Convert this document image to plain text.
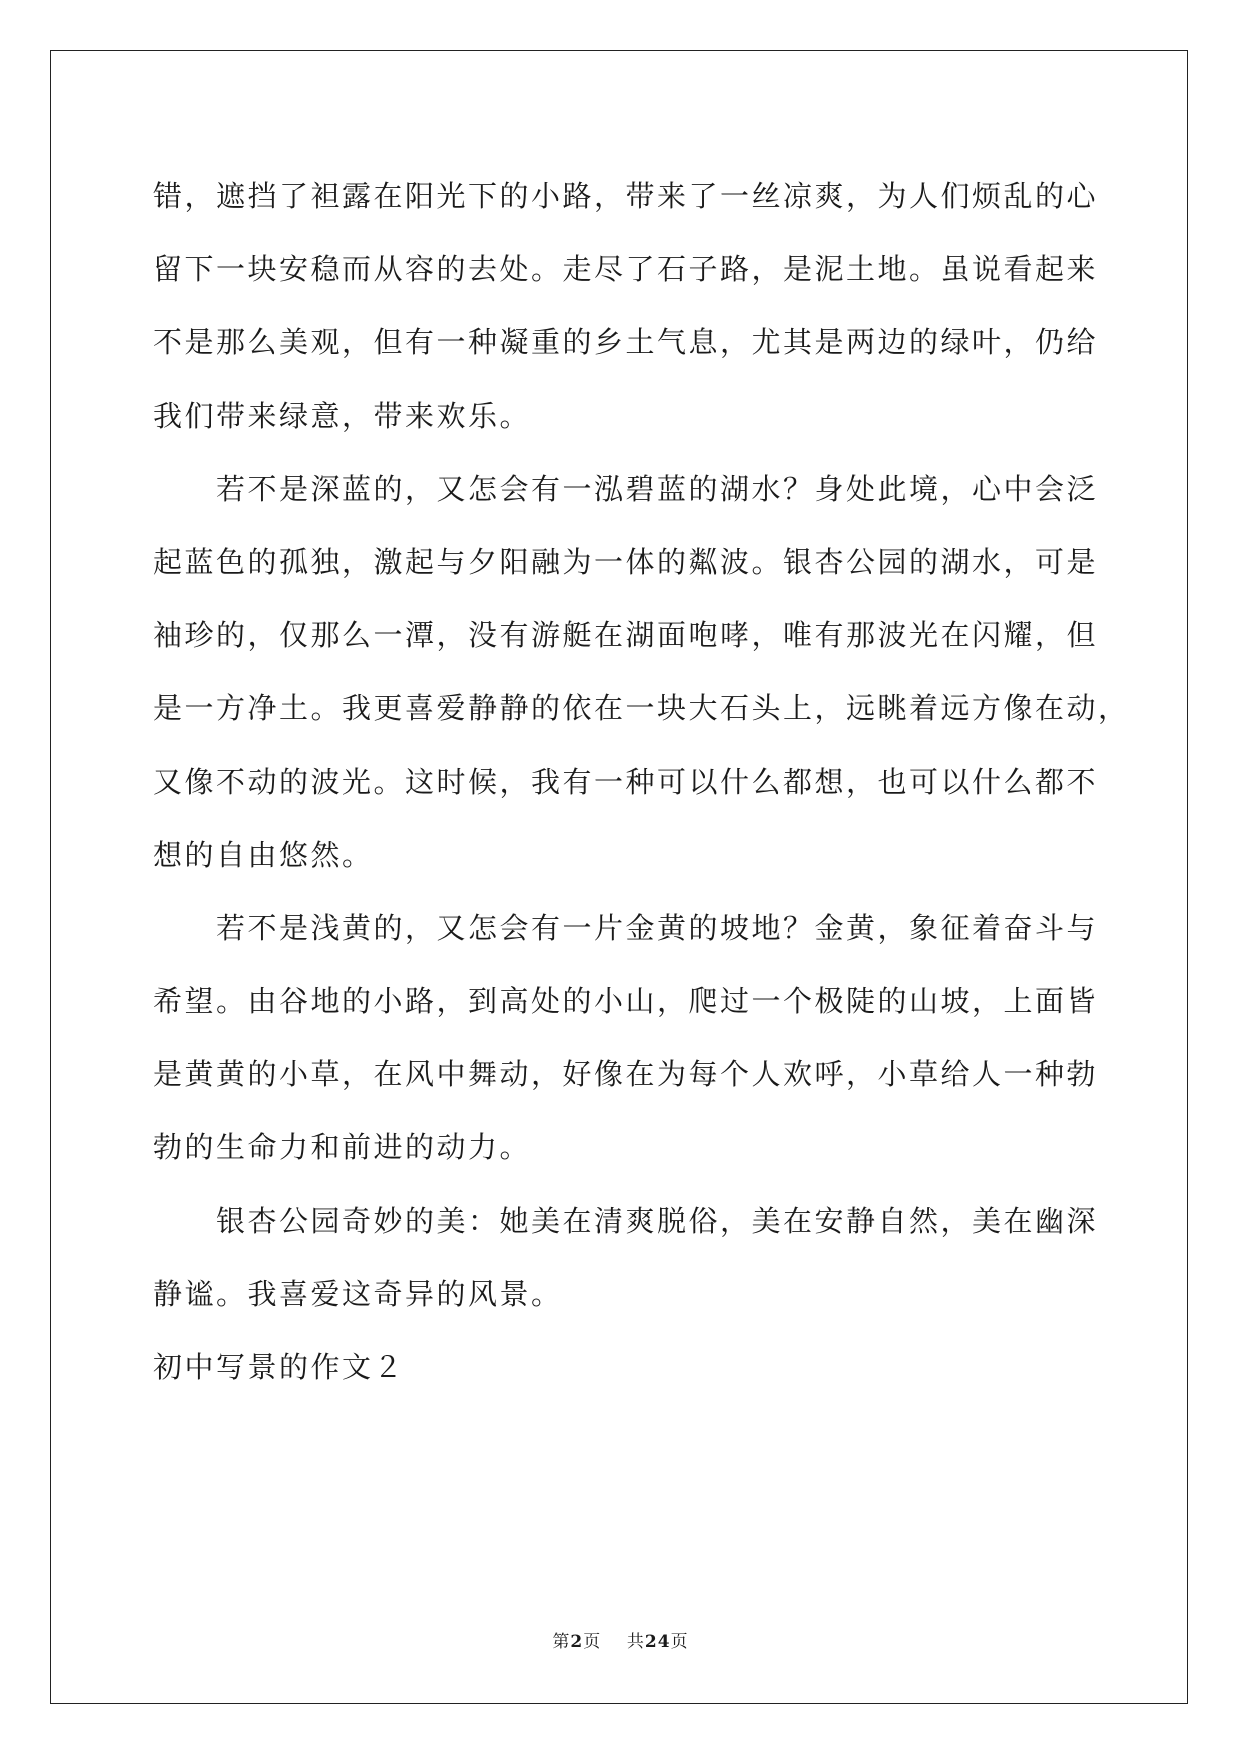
错，遮挡了袒露在阳光下的小路，带来了一丝凉爽，为人们烦乱的心
留下一块安稳而从容的去处。走尽了石子路，是泥土地。虽说看起来
不是那么美观，但有一种凝重的乡土气息，尤其是两边的绿叶，仍给
我们带来绿意，带来欢乐。
　　若不是深蓝的，又怎会有一泓碧蓝的湖水？身处此境，心中会泛
起蓝色的孤独，激起与夕阳融为一体的粼波。银杏公园的湖水，可是
袖珍的，仅那么一潭，没有游艇在湖面咆哮，唯有那波光在闪耀，但
是一方净土。我更喜爱静静的依在一块大石头上，远眺着远方像在动，
又像不动的波光。这时候，我有一种可以什么都想，也可以什么都不
想的自由悠然。
　　若不是浅黄的，又怎会有一片金黄的坡地？金黄，象征着奋斗与
希望。由谷地的小路，到高处的小山，爬过一个极陡的山坡，上面皆
是黄黄的小草，在风中舞动，好像在为每个人欢呼，小草给人一种勃
勃的生命力和前进的动力。
　　银杏公园奇妙的美：她美在清爽脱俗，美在安静自然，美在幽深
静谧。我喜爱这奇异的风景。
初中写景的作文２
第2页 共24页
